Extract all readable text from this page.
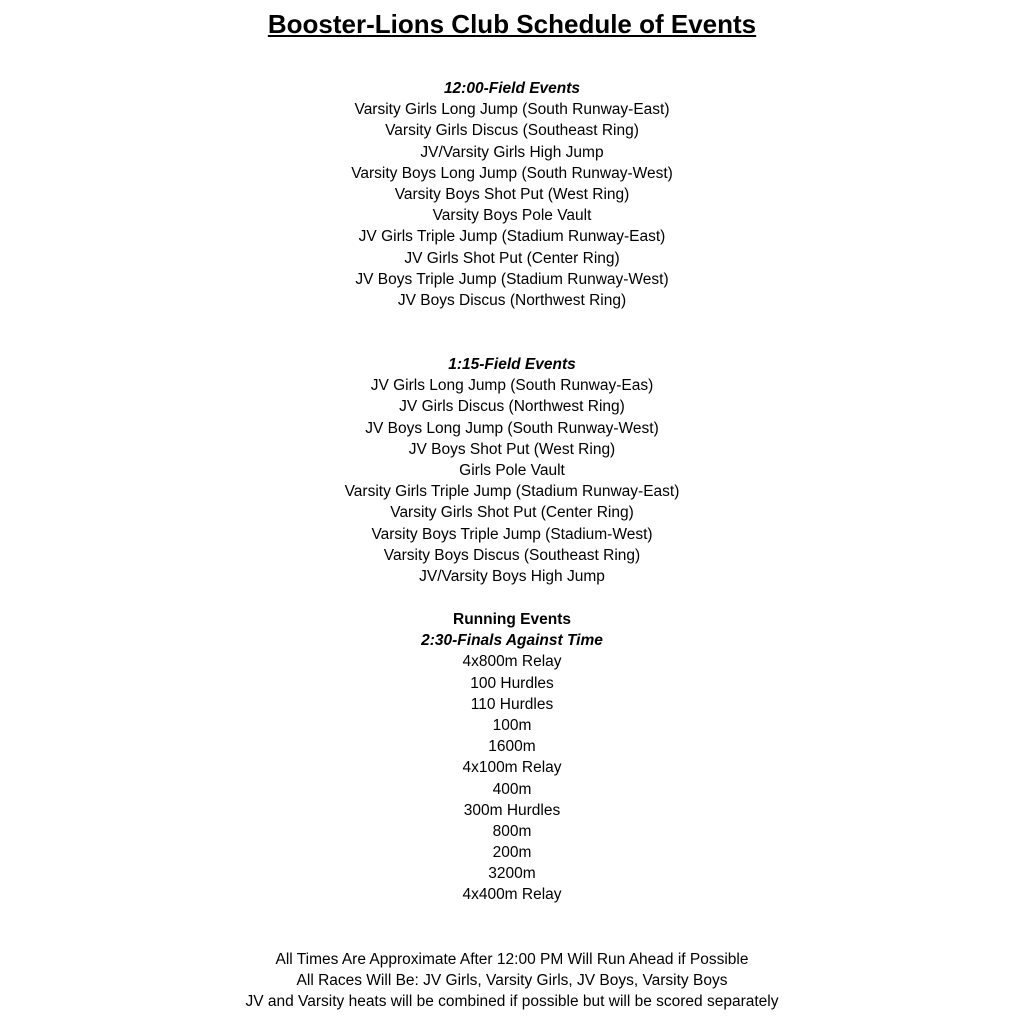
Booster-Lions Club Schedule of Events
12:00-Field Events
Varsity Girls Long Jump (South Runway-East)
Varsity Girls Discus (Southeast Ring)
JV/Varsity Girls High Jump
Varsity Boys Long Jump (South Runway-West)
Varsity Boys Shot Put (West Ring)
Varsity Boys Pole Vault
JV Girls Triple Jump (Stadium Runway-East)
JV Girls Shot Put (Center Ring)
JV Boys Triple Jump (Stadium Runway-West)
JV Boys Discus (Northwest Ring)
1:15-Field Events
JV Girls Long Jump (South Runway-Eas)
JV Girls Discus (Northwest Ring)
JV Boys Long Jump (South Runway-West)
JV Boys Shot Put (West Ring)
Girls Pole Vault
Varsity Girls Triple Jump (Stadium Runway-East)
Varsity Girls Shot Put (Center Ring)
Varsity Boys Triple Jump (Stadium-West)
Varsity Boys Discus (Southeast Ring)
JV/Varsity Boys High Jump
Running Events
2:30-Finals Against Time
4x800m Relay
100 Hurdles
110 Hurdles
100m
1600m
4x100m Relay
400m
300m Hurdles
800m
200m
3200m
4x400m Relay
All Times Are Approximate After 12:00 PM Will Run Ahead if Possible
All Races Will Be: JV Girls, Varsity Girls, JV Boys, Varsity Boys
JV and Varsity heats will be combined if possible but will be scored separately
